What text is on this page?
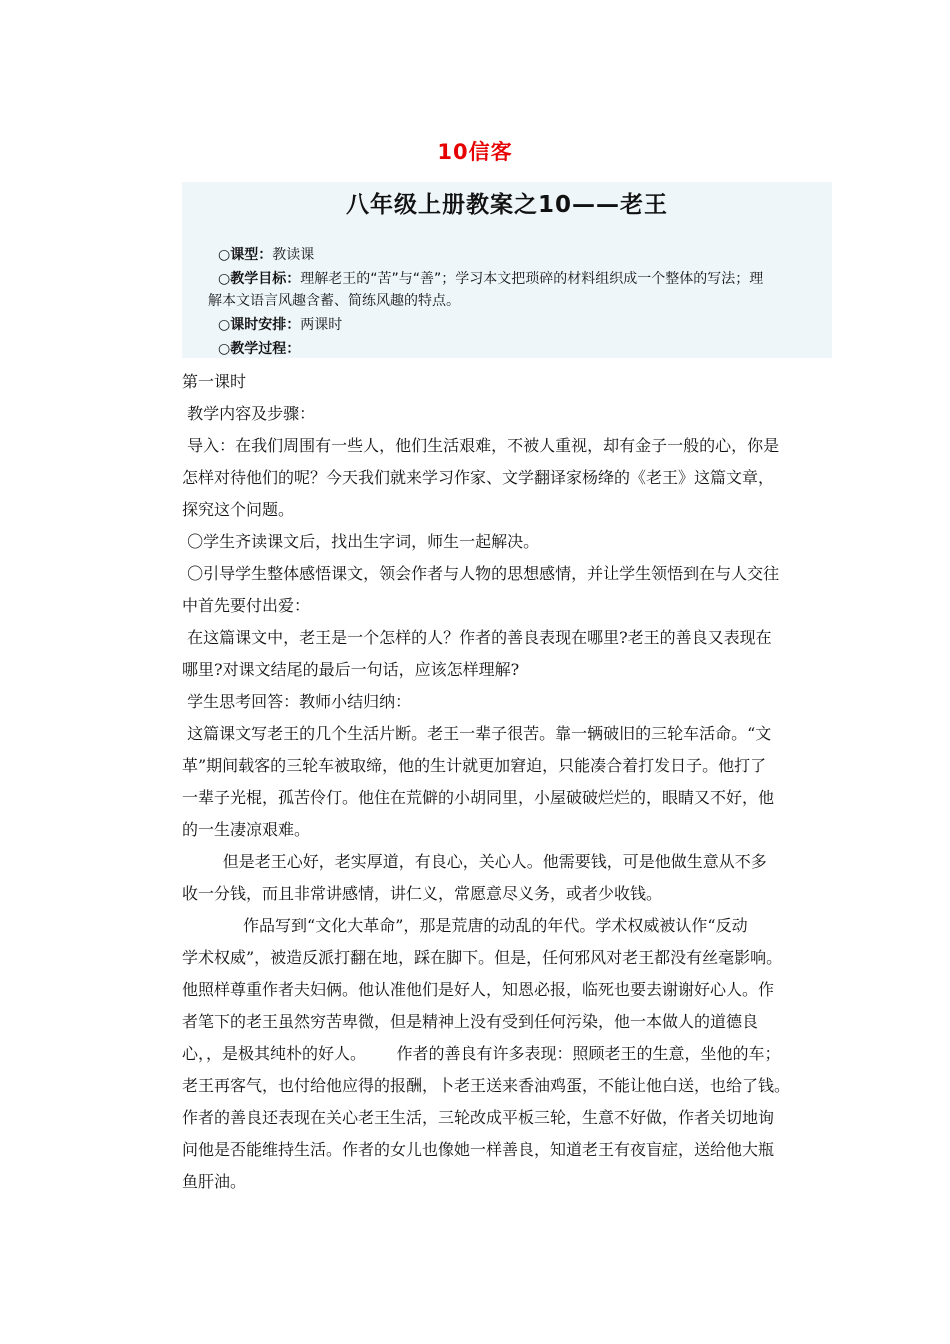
10信客
八年级上册教案之10——老王
○课型：教读课
○教学目标：理解老王的“苦”与“善”；学习本文把琐碎的材料组织成一个整体的写法；理
解本文语言风趣含蓄、简练风趣的特点。
○课时安排：两课时
○教学过程：
第一课时
教学内容及步骤：
导入：在我们周围有一些人，他们生活艰难，不被人重视，却有金子一般的心，你是
怎样对待他们的呢？今天我们就来学习作家、文学翻译家杨绛的《老王》这篇文章，
探究这个问题。
〇学生齐读课文后，找出生字词，师生一起解决。
〇引导学生整体感悟课文，领会作者与人物的思想感情，并让学生领悟到在与人交往
中首先要付出爱：
在这篇课文中，老王是一个怎样的人？作者的善良表现在哪里?老王的善良又表现在
哪里?对课文结尾的最后一句话，应该怎样理解?
学生思考回答：教师小结归纳：
这篇课文写老王的几个生活片断。老王一辈子很苦。靠一辆破旧的三轮车活命。“文
革”期间载客的三轮车被取缔，他的生计就更加窘迫，只能凑合着打发日子。他打了
一辈子光棍，孤苦伶仃。他住在荒僻的小胡同里，小屋破破烂烂的，眼睛又不好，他
的一生凄凉艰难。
但是老王心好，老实厚道，有良心，关心人。他需要钱，可是他做生意从不多
收一分钱，而且非常讲感情，讲仁义，常愿意尽义务，或者少收钱。
作品写到“文化大革命”，那是荒唐的动乱的年代。学术权威被认作“反动
学术权威”，被造反派打翻在地，踩在脚下。但是，任何邪风对老王都没有丝毫影响。
他照样尊重作者夫妇俩。他认准他们是好人，知恩必报，临死也要去谢谢好心人。作
者笔下的老王虽然穷苦卑微，但是精神上没有受到任何污染，他一本做人的道德良
心，，是极其纯朴的好人。      作者的善良有许多表现：照顾老王的生意，坐他的车；
老王再客气，也付给他应得的报酬，卜老王送来香油鸡蛋，不能让他白送，也给了钱。
作者的善良还表现在关心老王生活，三轮改成平板三轮，生意不好做，作者关切地询
问他是否能维持生活。作者的女儿也像她一样善良，知道老王有夜盲症，送给他大瓶
鱼肝油。
